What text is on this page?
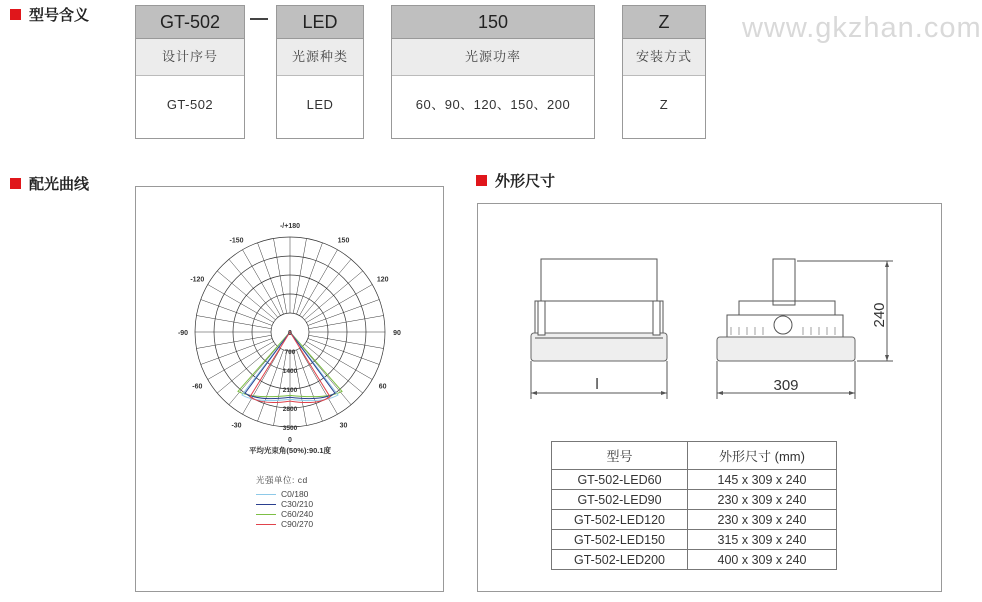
型号含义	GT-502
设计序号
GT-502
LED
光源种类
LED
150
光源功率
60、90、120、150、200
Z
安装方式
Z
www.gkzhan.com
配光曲线
-/+180
150
120
90
60
30
0
-30
-60
-90
-120
-150
0
700
1400
2100
2800
3500
平均光束角(50%):90.1度
光强单位: cd
C0/180
C30/210
C60/240
C90/270
外形尺寸
l	309
240
型号	外形尺寸 (mm)
GT-502-LED60	145 x 309 x 240
GT-502-LED90	230 x 309 x 240
GT-502-LED120	230 x 309 x 240
GT-502-LED150	315 x 309 x 240
GT-502-LED200	400 x 309 x 240
